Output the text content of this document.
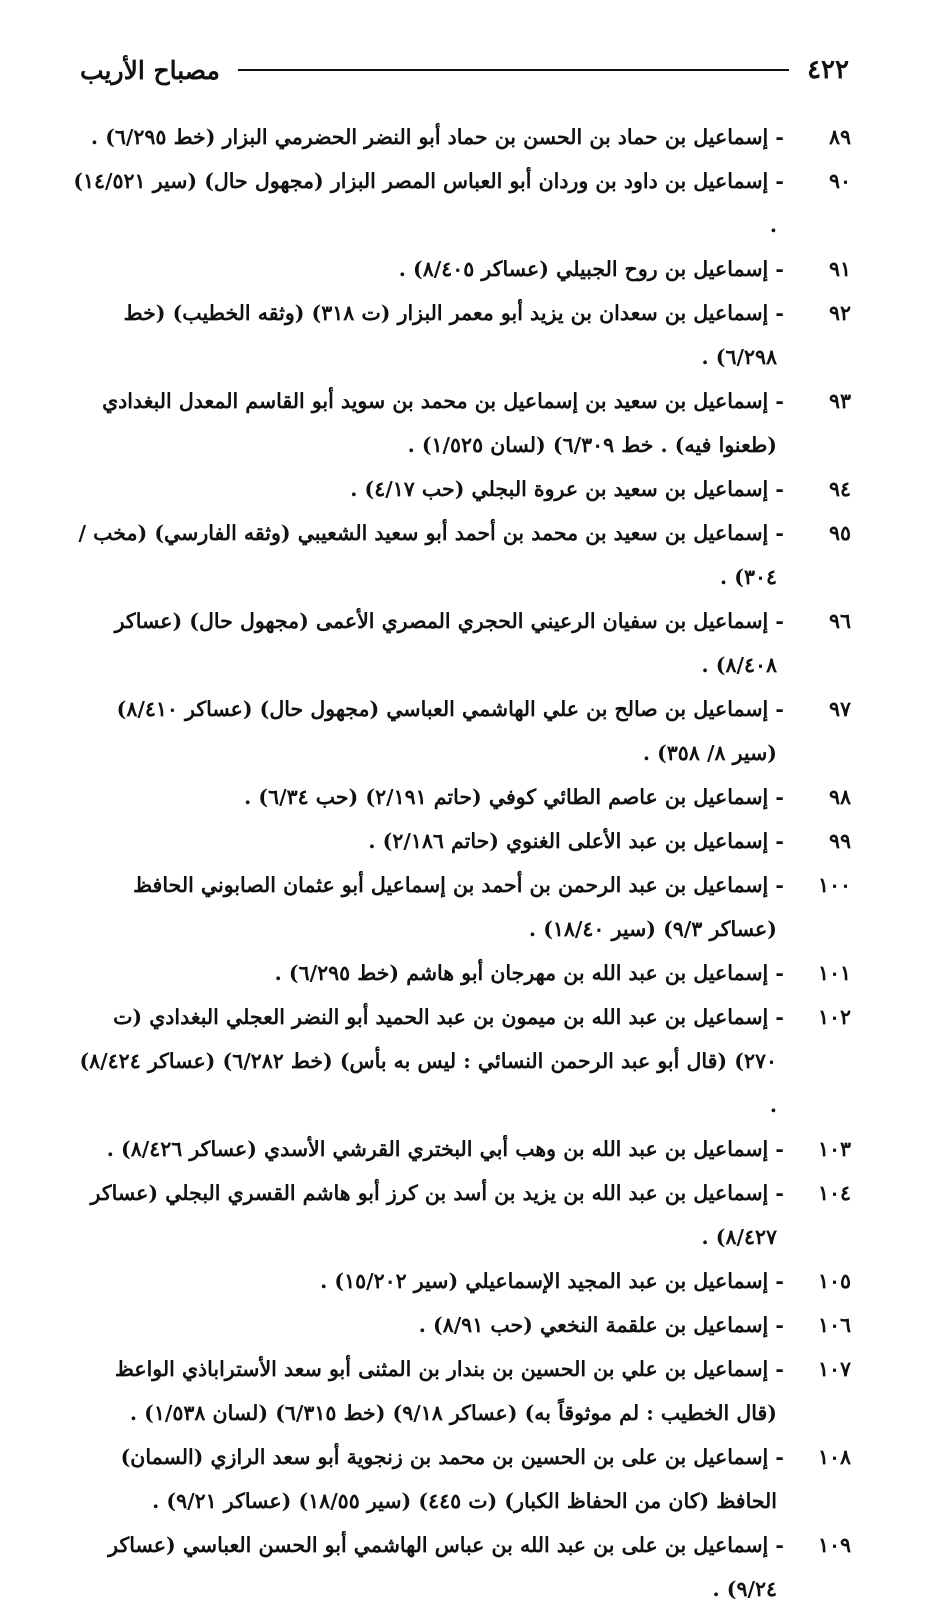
٤٢٢
مصباح الأريب
٨٩ - إسماعيل بن حماد بن الحسن بن حماد أبو النضر الحضرمي البزار (خط ٦/٢٩٥) .
٩٠ - إسماعيل بن داود بن وردان أبو العباس المصر البزار (مجهول حال) (سير ١٤/٥٢١) .
٩١ - إسماعيل بن روح الجبيلي (عساكر ٨/٤٠٥) .
٩٢ - إسماعيل بن سعدان بن يزيد أبو معمر البزار (ت ٣١٨) (وثقه الخطيب) (خط ٦/٢٩٨) .
٩٣ - إسماعيل بن سعيد بن إسماعيل بن محمد بن سويد أبو القاسم المعدل البغدادي (طعنوا فيه) . خط ٦/٣٠٩) (لسان ١/٥٢٥) .
٩٤ - إسماعيل بن سعيد بن عروة البجلي (حب ٤/١٧) .
٩٥ - إسماعيل بن سعيد بن محمد بن أحمد أبو سعيد الشعيبي (وثقه الفارسي) (مخب / ٣٠٤) .
٩٦ - إسماعيل بن سفيان الرعيني الحجري المصري الأعمى (مجهول حال) (عساكر ٨/٤٠٨) .
٩٧ - إسماعيل بن صالح بن علي الهاشمي العباسي (مجهول حال) (عساكر ٨/٤١٠) (سير ٨/ ٣٥٨) .
٩٨ - إسماعيل بن عاصم الطائي كوفي (حاتم ٢/١٩١) (حب ٦/٣٤) .
٩٩ - إسماعيل بن عبد الأعلى الغنوي (حاتم ٢/١٨٦) .
١٠٠ - إسماعيل بن عبد الرحمن بن أحمد بن إسماعيل أبو عثمان الصابوني الحافظ (عساكر ٩/٣) (سير ١٨/٤٠) .
١٠١ - إسماعيل بن عبد الله بن مهرجان أبو هاشم (خط ٦/٢٩٥) .
١٠٢ - إسماعيل بن عبد الله بن ميمون بن عبد الحميد أبو النضر العجلي البغدادي (ت ٢٧٠) (قال أبو عبد الرحمن النسائي : ليس به بأس) (خط ٦/٢٨٢) (عساكر ٨/٤٢٤) .
١٠٣ - إسماعيل بن عبد الله بن وهب أبي البختري القرشي الأسدي (عساكر ٨/٤٢٦) .
١٠٤ - إسماعيل بن عبد الله بن يزيد بن أسد بن كرز أبو هاشم القسري البجلي (عساكر ٨/٤٢٧) .
١٠٥ - إسماعيل بن عبد المجيد الإسماعيلي (سير ١٥/٢٠٢) .
١٠٦ - إسماعيل بن علقمة النخعي (حب ٨/٩١) .
١٠٧ - إسماعيل بن علي بن الحسين بن بندار بن المثنى أبو سعد الأستراباذي الواعظ (قال الخطيب : لم موثوقاً به) (عساكر ٩/١٨) (خط ٦/٣١٥) (لسان ١/٥٣٨) .
١٠٨ - إسماعيل بن على بن الحسين بن محمد بن زنجوية أبو سعد الرازي (السمان) الحافظ (كان من الحفاظ الكبار) (ت ٤٤٥) (سير ١٨/٥٥) (عساكر ٩/٢١) .
١٠٩ - إسماعيل بن على بن عبد الله بن عباس الهاشمي أبو الحسن العباسي (عساكر ٩/٢٤) .
